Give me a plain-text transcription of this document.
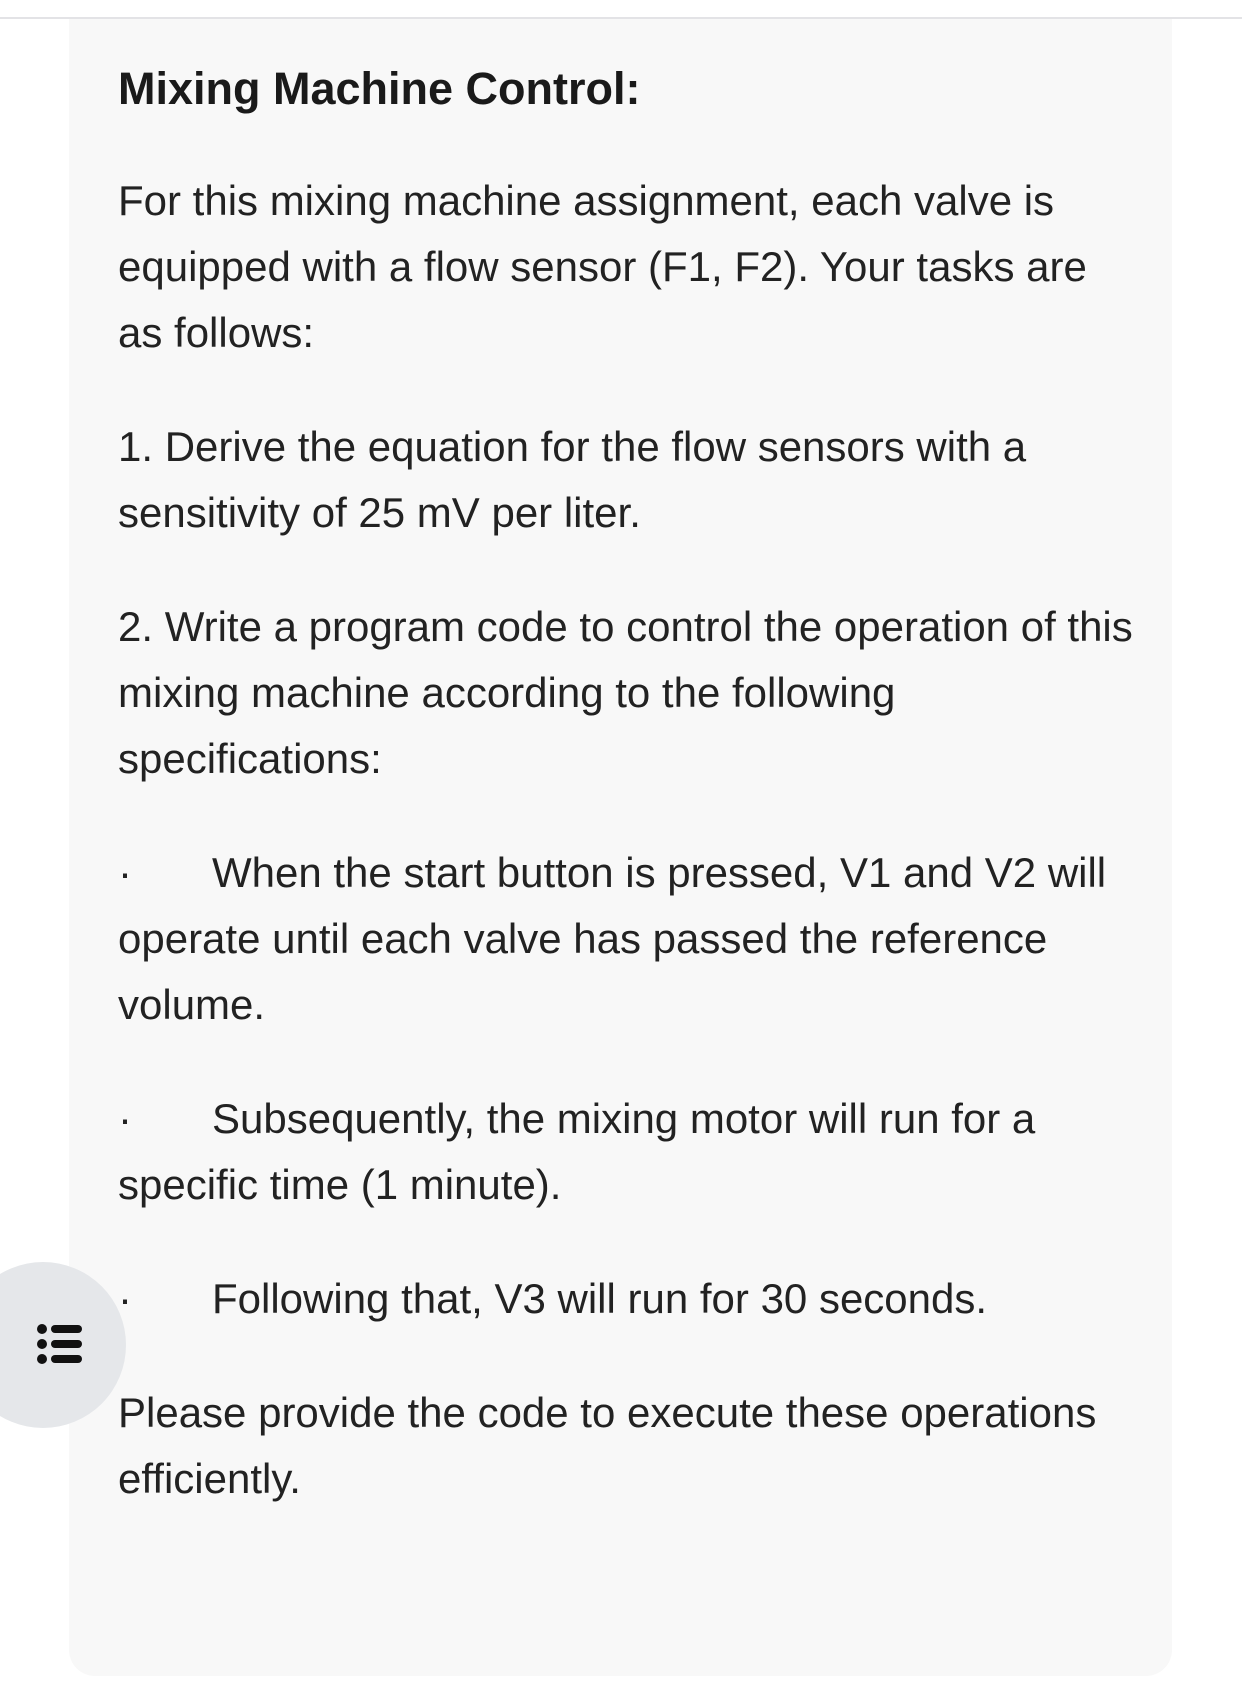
Mixing Machine Control:
For this mixing machine assignment, each valve is equipped with a flow sensor (F1, F2). Your tasks are as follows:
1. Derive the equation for the flow sensors with a sensitivity of 25 mV per liter.
2. Write a program code to control the operation of this mixing machine according to the following specifications:
· When the start button is pressed, V1 and V2 will operate until each valve has passed the reference volume.
· Subsequently, the mixing motor will run for a specific time (1 minute).
· Following that, V3 will run for 30 seconds.
Please provide the code to execute these operations efficiently.
